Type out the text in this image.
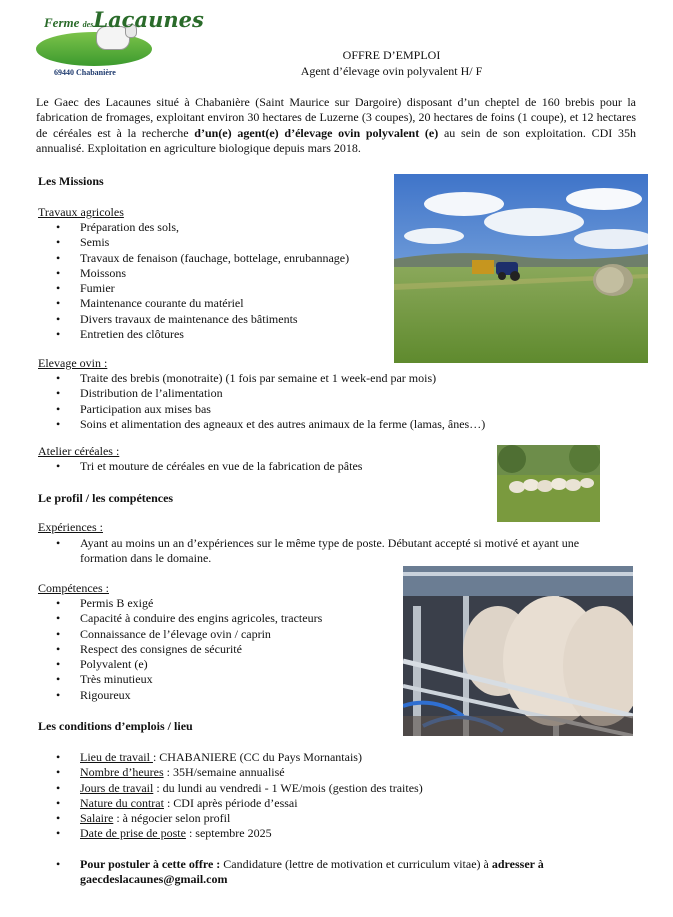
Ferme desLacaunes
69440 Chabanière
OFFRE D’EMPLOI
Agent d’élevage ovin polyvalent H/ F
Le Gaec des Lacaunes situé à Chabanière (Saint Maurice sur Dargoire) disposant d’un cheptel de 160 brebis pour la fabrication de fromages, exploitant environ 30 hectares de Luzerne (3 coupes), 20 hectares de foins (1 coupe), et 12 hectares de céréales est à la recherche d’un(e) agent(e) d’élevage ovin polyvalent (e) au sein de son exploitation. CDI 35h annualisé. Exploitation en agriculture biologique depuis mars 2018.
Les Missions
Travaux agricoles
• Préparation des sols,
• Semis
• Travaux de fenaison (fauchage, bottelage, enrubannage)
• Moissons
• Fumier
• Maintenance courante du matériel
• Divers travaux de maintenance des bâtiments
• Entretien des clôtures
Elevage ovin :
• Traite des brebis (monotraite) (1 fois par semaine et 1 week-end par mois)
• Distribution de l’alimentation
• Participation aux mises bas
• Soins et alimentation des agneaux et des autres animaux de la ferme (lamas, ânes…)
Atelier céréales :
• Tri et mouture de céréales en vue de la fabrication de pâtes
Le profil / les compétences
Expériences :
• Ayant au moins un an d’expériences sur le même type de poste. Débutant accepté si motivé et ayant une formation dans le domaine.
Compétences :
• Permis B exigé
• Capacité à conduire des engins agricoles, tracteurs
• Connaissance de l’élevage ovin / caprin
• Respect des consignes de sécurité
• Polyvalent (e)
• Très minutieux
• Rigoureux
Les conditions d’emplois / lieu
• Lieu de travail : CHABANIERE (CC du Pays Mornantais)
• Nombre d’heures : 35H/semaine annualisé
• Jours de travail : du lundi au vendredi - 1 WE/mois (gestion des traites)
• Nature du contrat : CDI après période d’essai
• Salaire : à négocier selon profil
• Date de prise de poste : septembre 2025
• Pour postuler à cette offre : Candidature (lettre de motivation et curriculum vitae) à adresser à gaecdeslacaunes@gmail.com
